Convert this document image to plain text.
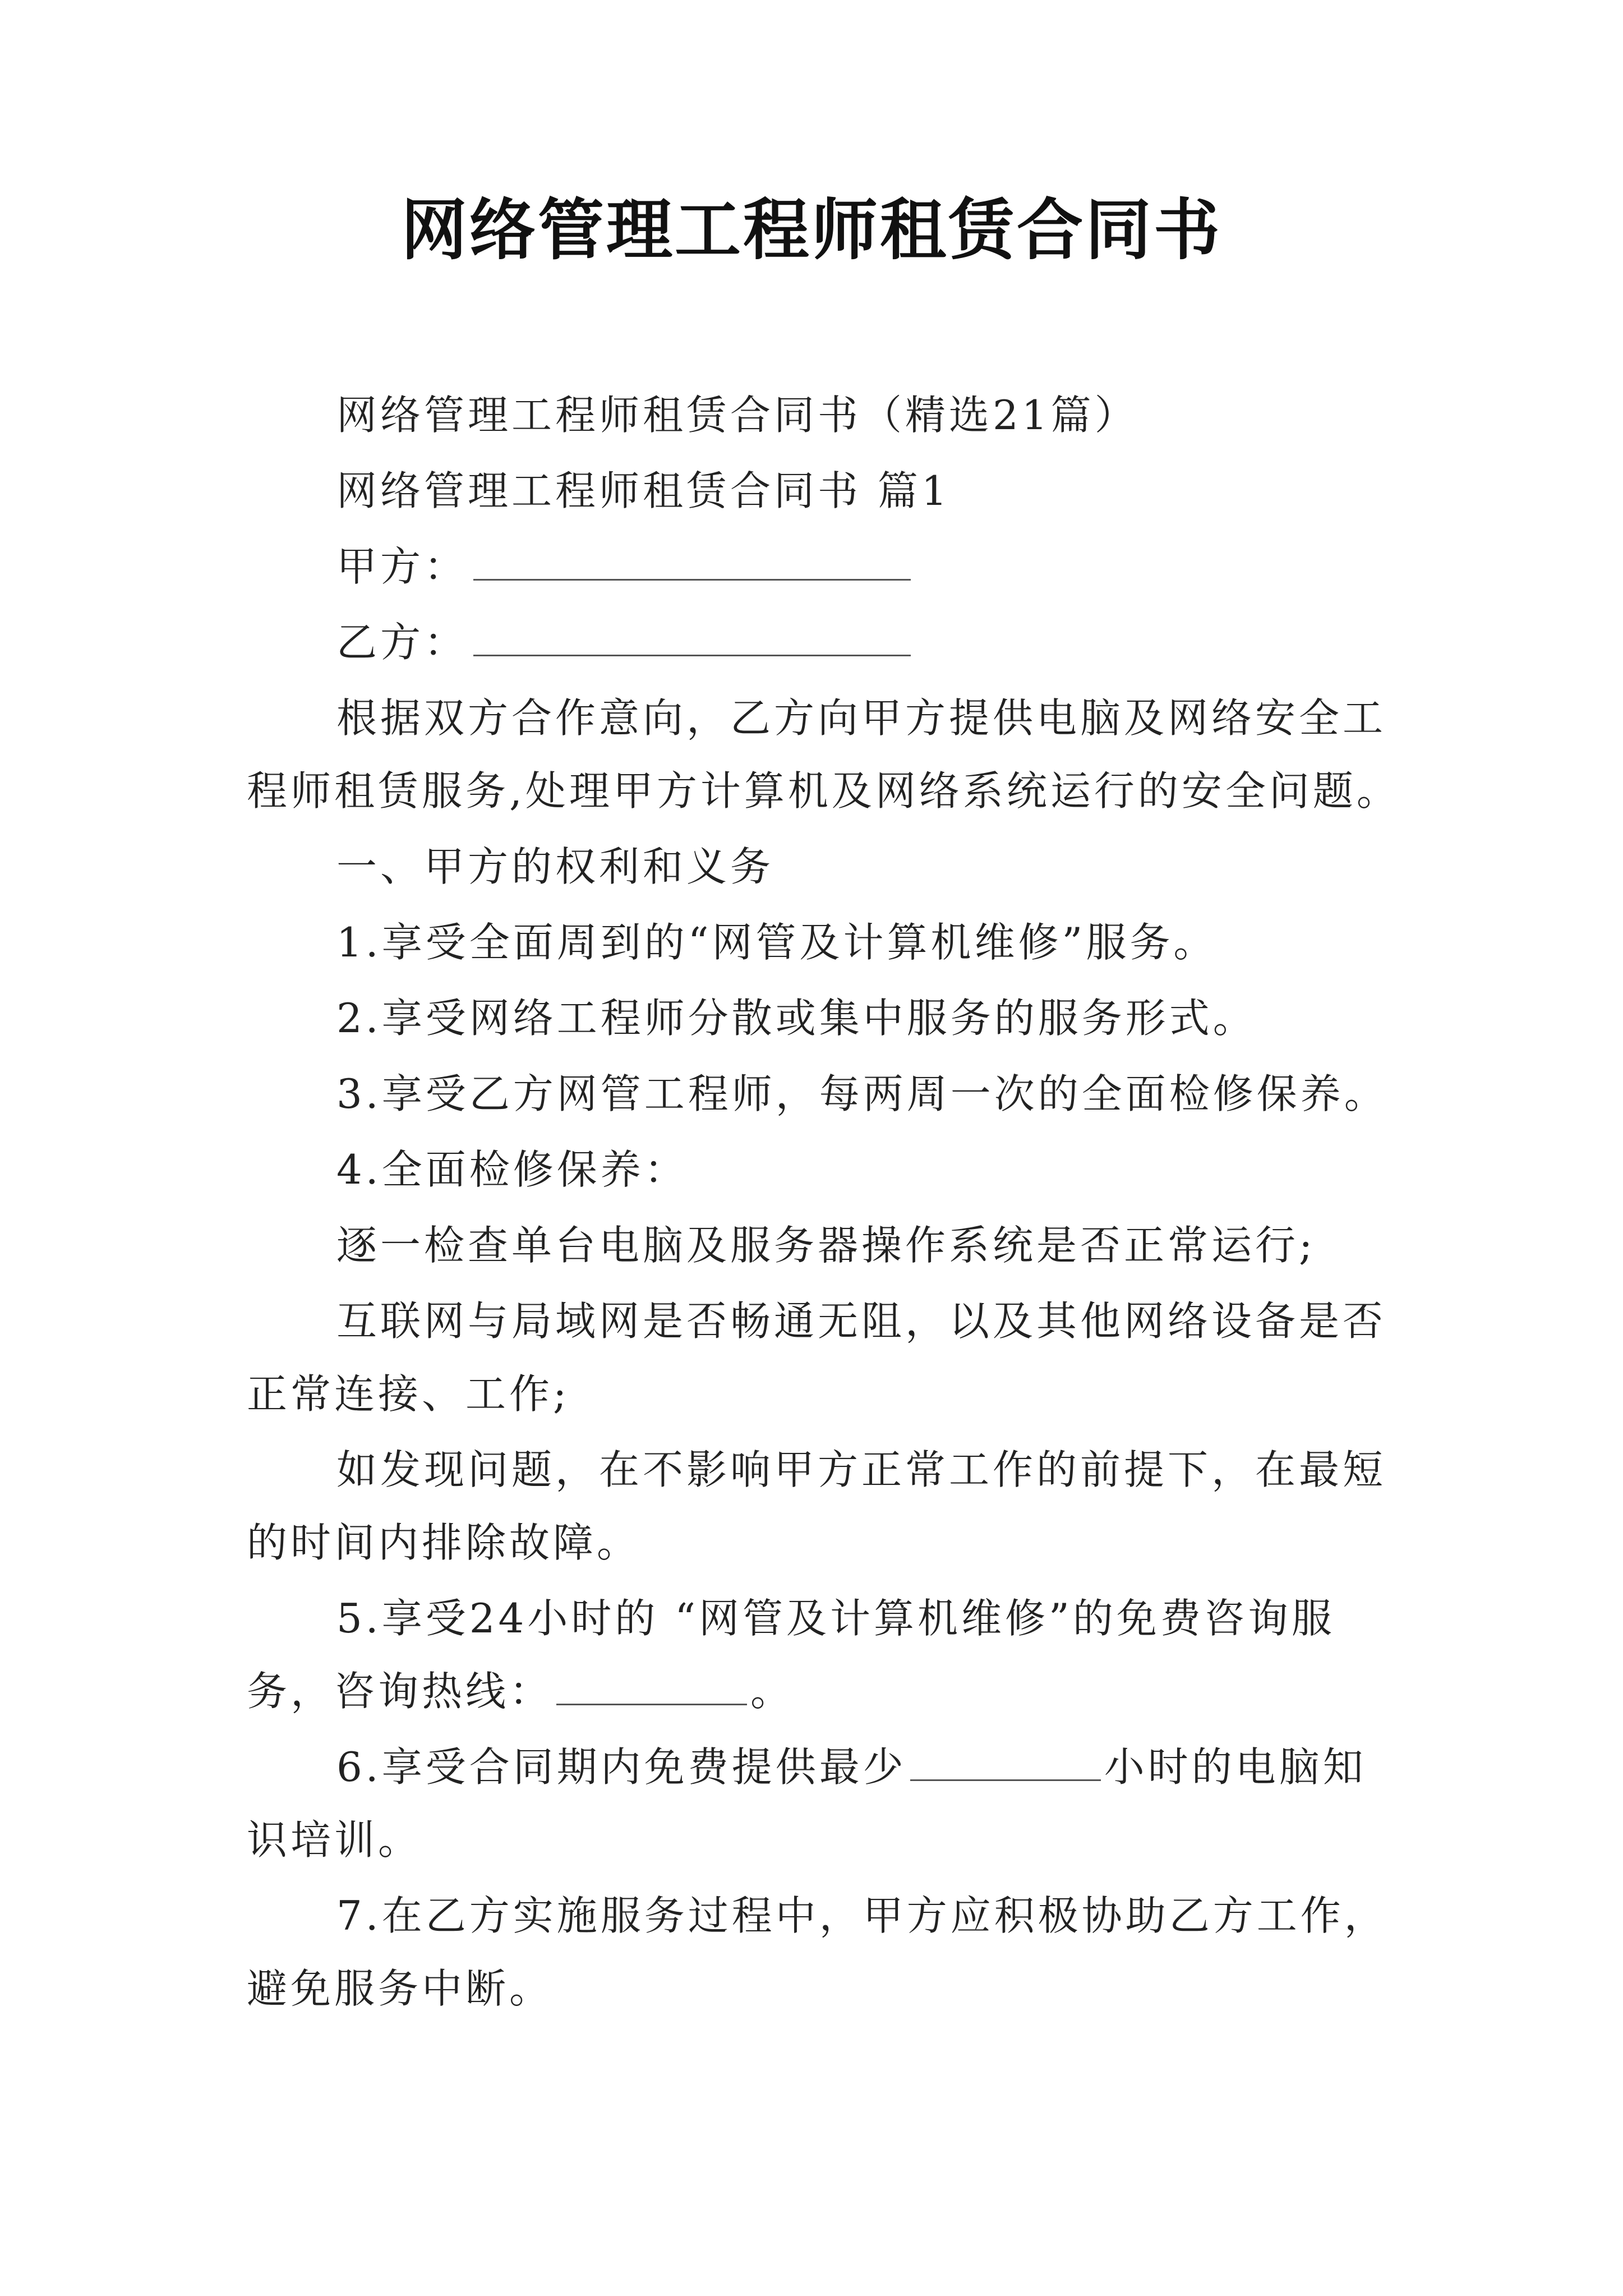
网络管理工程师租赁合同书
网络管理工程师租赁合同书（精选21篇）
网络管理工程师租赁合同书 篇1
甲方：
乙方：
根据双方合作意向，乙方向甲方提供电脑及网络安全工
程师租赁服务,处理甲方计算机及网络系统运行的安全问题。
一、甲方的权利和义务
1.享受全面周到的“网管及计算机维修”服务。
2.享受网络工程师分散或集中服务的服务形式。
3.享受乙方网管工程师，每两周一次的全面检修保养。
4.全面检修保养：
逐一检查单台电脑及服务器操作系统是否正常运行;
互联网与局域网是否畅通无阻，以及其他网络设备是否
正常连接、工作;
如发现问题，在不影响甲方正常工作的前提下，在最短
的时间内排除故障。
5.享受24小时的 “网管及计算机维修”的免费咨询服
务，咨询热线：	。
6.享受合同期内免费提供最少	小时的电脑知
识培训。
7.在乙方实施服务过程中，甲方应积极协助乙方工作，
避免服务中断。
